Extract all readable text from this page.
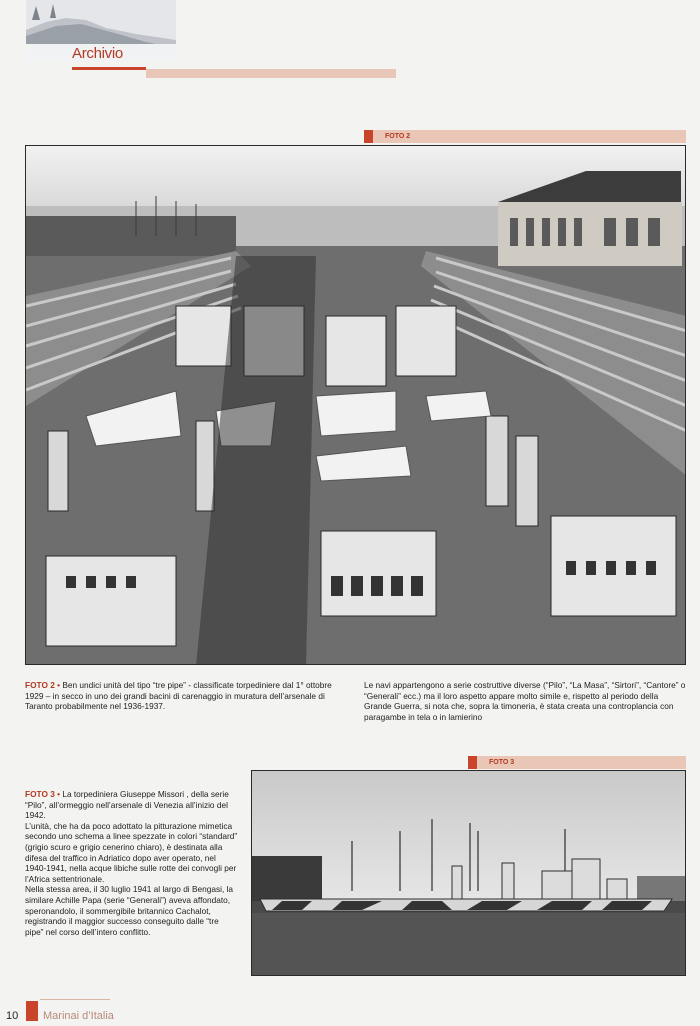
Archivio
FOTO 2
FOTO 2 • Ben undici unità del tipo “tre pipe” - classificate torpediniere dal 1° ottobre 1929 – in secco in uno dei grandi bacini di carenaggio in muratura dell’arsenale di Taranto probabilmente nel 1936-1937.
Le navi appartengono a serie costruttive diverse (“Pilo”, “La Masa”, “Sirtori”, “Cantore” o “Generali” ecc.) ma il loro aspetto appare molto simile e, rispetto al periodo della Grande Guerra, si nota che, sopra la timoneria, è stata creata una controplancia con paragambe in tela o in lamierino
FOTO 3

FOTO 3 • La torpediniera Giuseppe Missori , della serie “Pilo”, all’ormeggio nell’arsenale di Venezia all’inizio del 1942.

L’unità, che ha da poco adottato la pitturazione mimetica secondo uno schema a linee spezzate in colori “standard” (grigio scuro e grigio cenerino chiaro), è destinata alla difesa del traffico in Adriatico dopo aver operato, nel 1940-1941, nella acque libiche sulle rotte dei convogli per l’Africa settentrionale.

Nella stessa area, il 30 luglio 1941 al largo di Bengasi, la similare Achille Papa (serie “Generali”) aveva affondato, speronandolo, il sommergibile britannico Cachalot, registrando il maggior successo conseguito dalle “tre pipe” nel corso dell’intero conflitto.

10 Marinai d’Italia
